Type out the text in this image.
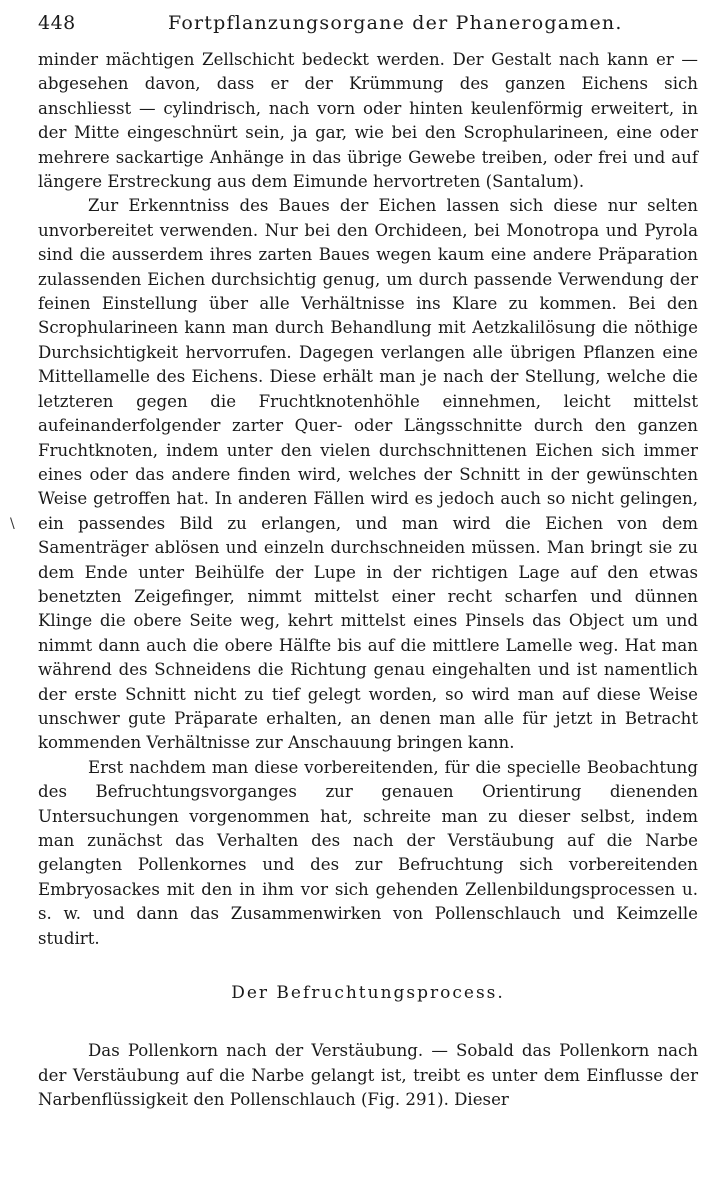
448	Fortpflanzungsorgane der Phanerogamen.

minder mächtigen Zellschicht bedeckt werden. Der Gestalt nach kann er — abgesehen davon, dass er der Krümmung des ganzen Eichens sich anschliesst — cylindrisch, nach vorn oder hinten keulenförmig erweitert, in der Mitte eingeschnürt sein, ja gar, wie bei den Scrophularineen, eine oder mehrere sackartige Anhänge in das übrige Gewebe treiben, oder frei und auf längere Erstreckung aus dem Eimunde hervortreten (Santalum).

Zur Erkenntniss des Baues der Eichen lassen sich diese nur selten unvorbereitet verwenden. Nur bei den Orchideen, bei Monotropa und Pyrola sind die ausserdem ihres zarten Baues wegen kaum eine andere Präparation zulassenden Eichen durchsichtig genug, um durch passende Verwendung der feinen Einstellung über alle Verhältnisse ins Klare zu kommen. Bei den Scrophularineen kann man durch Behandlung mit Aetzkalilösung die nöthige Durchsichtigkeit hervorrufen. Dagegen verlangen alle übrigen Pflanzen eine Mittellamelle des Eichens. Diese erhält man je nach der Stellung, welche die letzteren gegen die Fruchtknotenhöhle einnehmen, leicht mittelst aufeinanderfolgender zarter Quer- oder Längsschnitte durch den ganzen Fruchtknoten, indem unter den vielen durchschnittenen Eichen sich immer eines oder das andere finden wird, welches der Schnitt in der gewünschten Weise getroffen hat. In anderen Fällen wird es jedoch auch so nicht gelingen, ein passendes Bild zu erlangen, und man wird die Eichen von dem Samenträger ablösen und einzeln durchschneiden müssen. Man bringt sie zu dem Ende unter Beihülfe der Lupe in der richtigen Lage auf den etwas benetzten Zeigefinger, nimmt mittelst einer recht scharfen und dünnen Klinge die obere Seite weg, kehrt mittelst eines Pinsels das Object um und nimmt dann auch die obere Hälfte bis auf die mittlere Lamelle weg. Hat man während des Schneidens die Richtung genau eingehalten und ist namentlich der erste Schnitt nicht zu tief gelegt worden, so wird man auf diese Weise unschwer gute Präparate erhalten, an denen man alle für jetzt in Betracht kommenden Verhältnisse zur Anschauung bringen kann.

Erst nachdem man diese vorbereitenden, für die specielle Beobachtung des Befruchtungsvorganges zur genauen Orientirung dienenden Untersuchungen vorgenommen hat, schreite man zu dieser selbst, indem man zunächst das Verhalten des nach der Verstäubung auf die Narbe gelangten Pollenkornes und des zur Befruchtung sich vorbereitenden Embryosackes mit den in ihm vor sich gehenden Zellenbildungsprocessen u. s. w. und dann das Zusammenwirken von Pollenschlauch und Keimzelle studirt.

Der Befruchtungsprocess.

Das Pollenkorn nach der Verstäubung. — Sobald das Pollenkorn nach der Verstäubung auf die Narbe gelangt ist, treibt es unter dem Einflusse der Narbenflüssigkeit den Pollenschlauch (Fig. 291). Dieser

\
